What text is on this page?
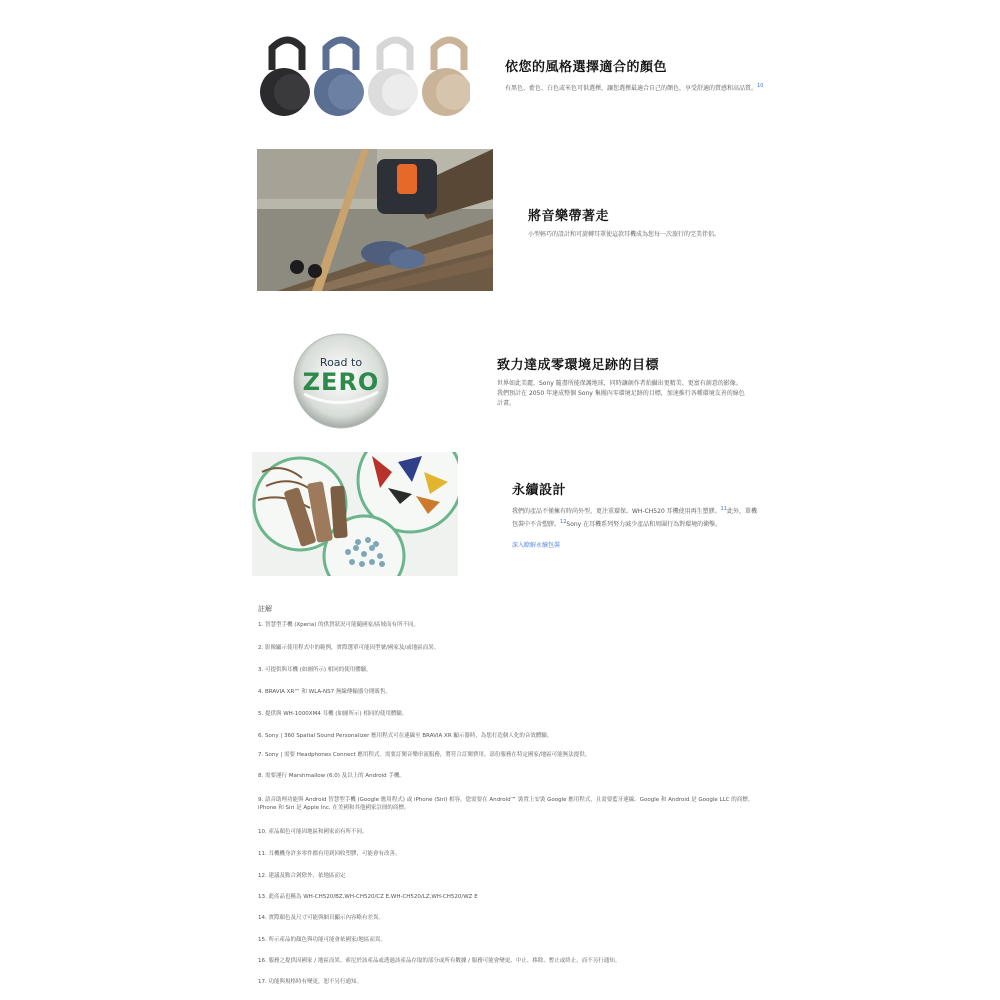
依您的風格選擇適合的顏色

有黑色、藍色、白色或米色可供選擇，讓您選擇最適合自己的顏色，享受舒適的質感和高品質。$^{10}$

將音樂帶著走

小型輕巧的設計和可旋轉耳罩使這款耳機成為您每一次旅行的完美伴侶。

Road to
ZERO
致力達成零環境足跡的目標

世界如此美麗，Sony 隨盡所能保護地球，同時讓創作者拍攝出更精美、更富有創意的影像。我們預計在 2050 年達成整個 Sony 集團內零環境足跡的目標，加速推行各種環境友善的綠色計畫。

永續設計

我們的產品不僅擁有時尚外型，更注重環保。WH-CH520 耳機使用再生塑膠。$^{11}$此外，單機包裝中不含塑膠。$^{12}$Sony 在耳機系列努力減少產品和周圍行為對環境的衝擊。

深入瞭解永續包裝
註解
1. 智慧型手機 (Xperia) 的供貨狀況可能隨國家/區域而有所不同。
2. 影像顯示使用程式中的範例，實際選單可能因型號/國家及/或地區而異。
3. 可提供與耳機 (如圖所示) 相同的使用體驗。
4. BRAVIA XR™ 和 WLA-NS7 無線傳輸器分開販售。
5. 提供與 WH-1000XM4 耳機 (如圖所示) 相同的使用體驗。
6. Sony | 360 Spatial Sound Personalizer 應用程式可在連線至 BRAVIA XR 顯示器時，為您打造個人化的音效體驗。
7. Sony | 需要 Headphones Connect 應用程式。需要訂閱音樂串流服務，將符合訂閱費用。部份服務在特定國家/地區可能無法提供。
8. 需要運行 Marshmallow (6.0) 及以上的 Android 手機。
9. 語音助理功能與 Android 智慧型手機 (Google 應用程式) 或 iPhone (Siri) 相容。您需要在 Android™ 裝置上安裝 Google 應用程式，且需要藍牙連線。Google 和 Android 是 Google LLC 的商標。iPhone 和 Siri 是 Apple Inc. 在美國和其他國家註冊的商標。
10. 產品顏色可能因地區和國家而有所不同。
11. 耳機機身許多零件都有用到回收塑膠，可能會有改善。
12. 建議及點合剝除外，依地區而定
13. 此產品也稱為 WH-CH520/BZ,WH-CH520/CZ E,WH-CH520/LZ,WH-CH520/WZ E
14. 實際顏色及尺寸可能與網頁顯示內容略有差異。
15. 所示產品的顏色與功能可能會依國家/地區而異。
16. 服務之提供因國家 / 地區而異。索尼於該產品或透過該產品存取的部分或所有數據 / 服務可能會變更、中止、移除、暫止或終止，而不另行通知。
17. 功能與規格時有變更，恕不另行通知。
